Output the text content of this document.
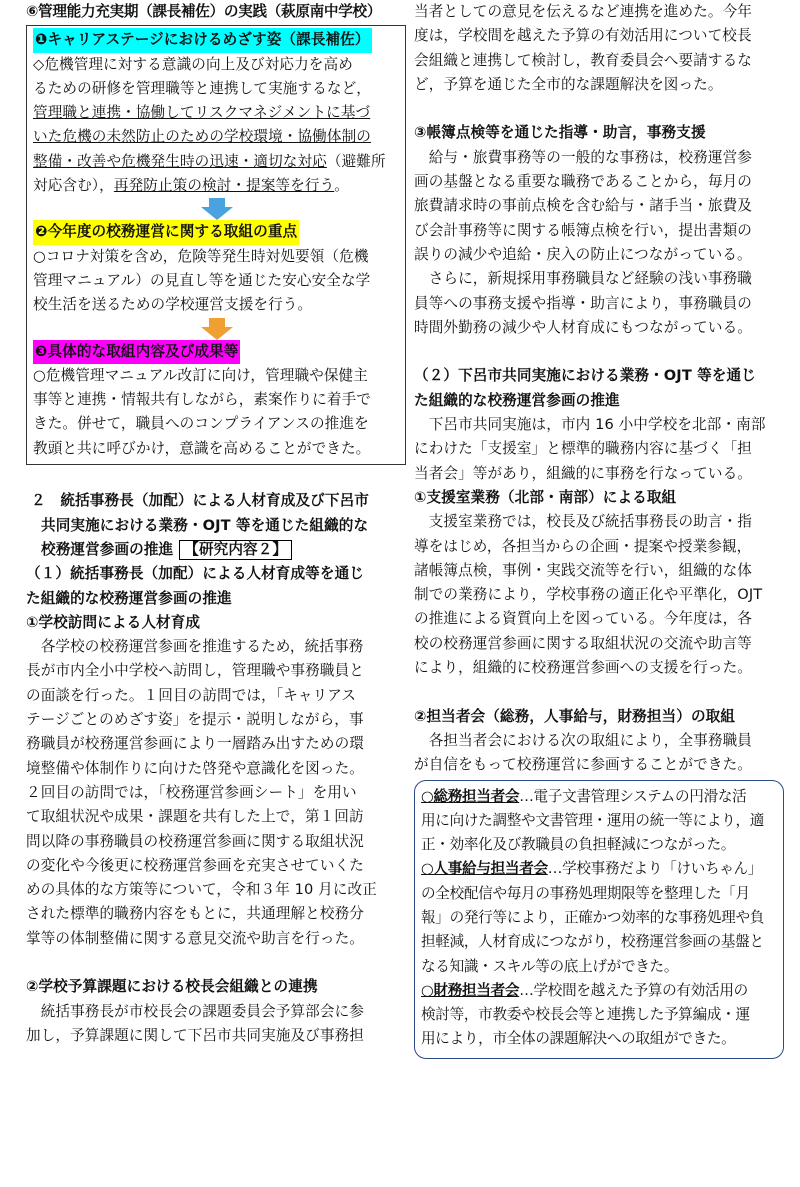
⑥管理能力充実期（課長補佐）の実践（萩原南中学校）
❶キャリアステージにおけるめざす姿（課長補佐）
◇危機管理に対する意識の向上及び対応力を高め
るための研修を管理職等と連携して実施するなど，
管理職と連携・協働してリスクマネジメントに基づ
いた危機の未然防止のための学校環境・協働体制の
整備・改善や危機発生時の迅速・適切な対応（避難所
対応含む），再発防止策の検討・提案等を行う。
❷今年度の校務運営に関する取組の重点
○コロナ対策を含め，危険等発生時対処要領（危機
管理マニュアル）の見直し等を通じた安心安全な学
校生活を送るための学校運営支援を行う。
❸具体的な取組内容及び成果等
○危機管理マニュアル改訂に向け，管理職や保健主
事等と連携・情報共有しながら，素案作りに着手で
きた。併せて，職員へのコンプライアンスの推進を
教頭と共に呼びかけ，意識を高めることができた。
２　統括事務長（加配）による人材育成及び下呂市
共同実施における業務・OJT 等を通じた組織的な
校務運営参画の推進 【研究内容２】
（１）統括事務長（加配）による人材育成等を通じ
た組織的な校務運営参画の推進
①学校訪問による人材育成
　各学校の校務運営参画を推進するため，統括事務
長が市内全小中学校へ訪問し，管理職や事務職員と
の面談を行った。１回目の訪問では，「キャリアス
テージごとのめざす姿」を提示・説明しながら，事
務職員が校務運営参画により一層踏み出すための環
境整備や体制作りに向けた啓発や意識化を図った。
２回目の訪問では，「校務運営参画シート」を用い
て取組状況や成果・課題を共有した上で，第１回訪
問以降の事務職員の校務運営参画に関する取組状況
の変化や今後更に校務運営参画を充実させていくた
めの具体的な方策等について，令和３年 10 月に改正
された標準的職務内容をもとに，共通理解と校務分
掌等の体制整備に関する意見交流や助言を行った。
②学校予算課題における校長会組織との連携
　統括事務長が市校長会の課題委員会予算部会に参
加し，予算課題に関して下呂市共同実施及び事務担
当者としての意見を伝えるなど連携を進めた。今年
度は，学校間を越えた予算の有効活用について校長
会組織と連携して検討し，教育委員会へ要請するな
ど，予算を通じた全市的な課題解決を図った。
③帳簿点検等を通じた指導・助言，事務支援
　給与・旅費事務等の一般的な事務は，校務運営参
画の基盤となる重要な職務であることから，毎月の
旅費請求時の事前点検を含む給与・諸手当・旅費及
び会計事務等に関する帳簿点検を行い，提出書類の
誤りの減少や追給・戻入の防止につながっている。
　さらに，新規採用事務職員など経験の浅い事務職
員等への事務支援や指導・助言により，事務職員の
時間外勤務の減少や人材育成にもつながっている。
（２）下呂市共同実施における業務・OJT 等を通じ
た組織的な校務運営参画の推進
　下呂市共同実施は，市内 16 小中学校を北部・南部
にわけた「支援室」と標準的職務内容に基づく「担
当者会」等があり，組織的に事務を行なっている。
①支援室業務（北部・南部）による取組
　支援室業務では，校長及び統括事務長の助言・指
導をはじめ，各担当からの企画・提案や授業参観，
諸帳簿点検，事例・実践交流等を行い，組織的な体
制での業務により，学校事務の適正化や平準化，OJT
の推進による資質向上を図っている。今年度は，各
校の校務運営参画に関する取組状況の交流や助言等
により，組織的に校務運営参画への支援を行った。
②担当者会（総務，人事給与，財務担当）の取組
　各担当者会における次の取組により，全事務職員
が自信をもって校務運営に参画することができた。
○総務担当者会…電子文書管理システムの円滑な活
用に向けた調整や文書管理・運用の統一等により，適
正・効率化及び教職員の負担軽減につながった。
○人事給与担当者会…学校事務だより「けいちゃん」
の全校配信や毎月の事務処理期限等を整理した「月
報」の発行等により，正確かつ効率的な事務処理や負
担軽減，人材育成につながり，校務運営参画の基盤と
なる知識・スキル等の底上げができた。
○財務担当者会…学校間を越えた予算の有効活用の
検討等，市教委や校長会等と連携した予算編成・運
用により，市全体の課題解決への取組ができた。
